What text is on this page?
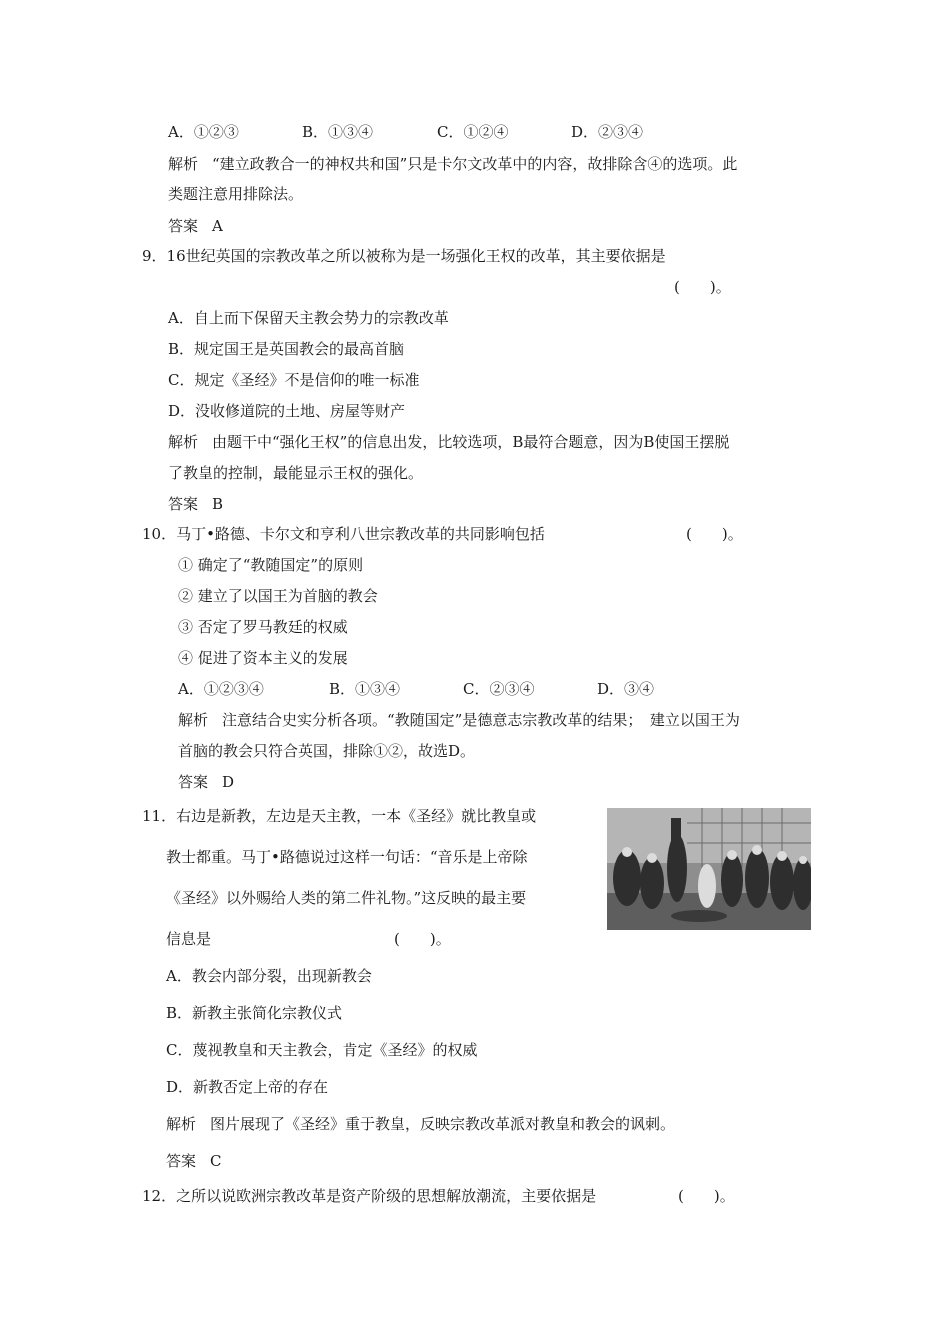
A．①②③	B．①③④	C．①②④	D．②③④
解析 “建立政教合一的神权共和国”只是卡尔文改革中的内容，故排除含④的选项。此
类题注意用排除法。
答案 A
9．16世纪英国的宗教改革之所以被称为是一场强化王权的改革，其主要依据是
(　　)。
A．自上而下保留天主教会势力的宗教改革
B．规定国王是英国教会的最高首脑
C．规定《圣经》不是信仰的唯一标准
D．没收修道院的土地、房屋等财产
解析 由题干中“强化王权”的信息出发，比较选项，B最符合题意，因为B使国王摆脱
了教皇的控制，最能显示王权的强化。
答案 B
10．马丁•路德、卡尔文和亨利八世宗教改革的共同影响包括	(　　)。
① 确定了“教随国定”的原则
② 建立了以国王为首脑的教会
③ 否定了罗马教廷的权威
④ 促进了资本主义的发展
A．①②③④	B．①③④	C．②③④	D．③④
解析 注意结合史实分析各项。“教随国定”是德意志宗教改革的结果；　建立以国王为
首脑的教会只符合英国，排除①②，故选D。
答案 D
11．右边是新教，左边是天主教，一本《圣经》就比教皇或
教士都重。马丁•路德说过这样一句话：“音乐是上帝除
《圣经》以外赐给人类的第二件礼物。”这反映的最主要
信息是	(　　)。
A．教会内部分裂，出现新教会
B．新教主张简化宗教仪式
C．蔑视教皇和天主教会，肯定《圣经》的权威
D．新教否定上帝的存在
解析 图片展现了《圣经》重于教皇，反映宗教改革派对教皇和教会的讽刺。
答案 C
12．之所以说欧洲宗教改革是资产阶级的思想解放潮流，主要依据是	(　　)。
